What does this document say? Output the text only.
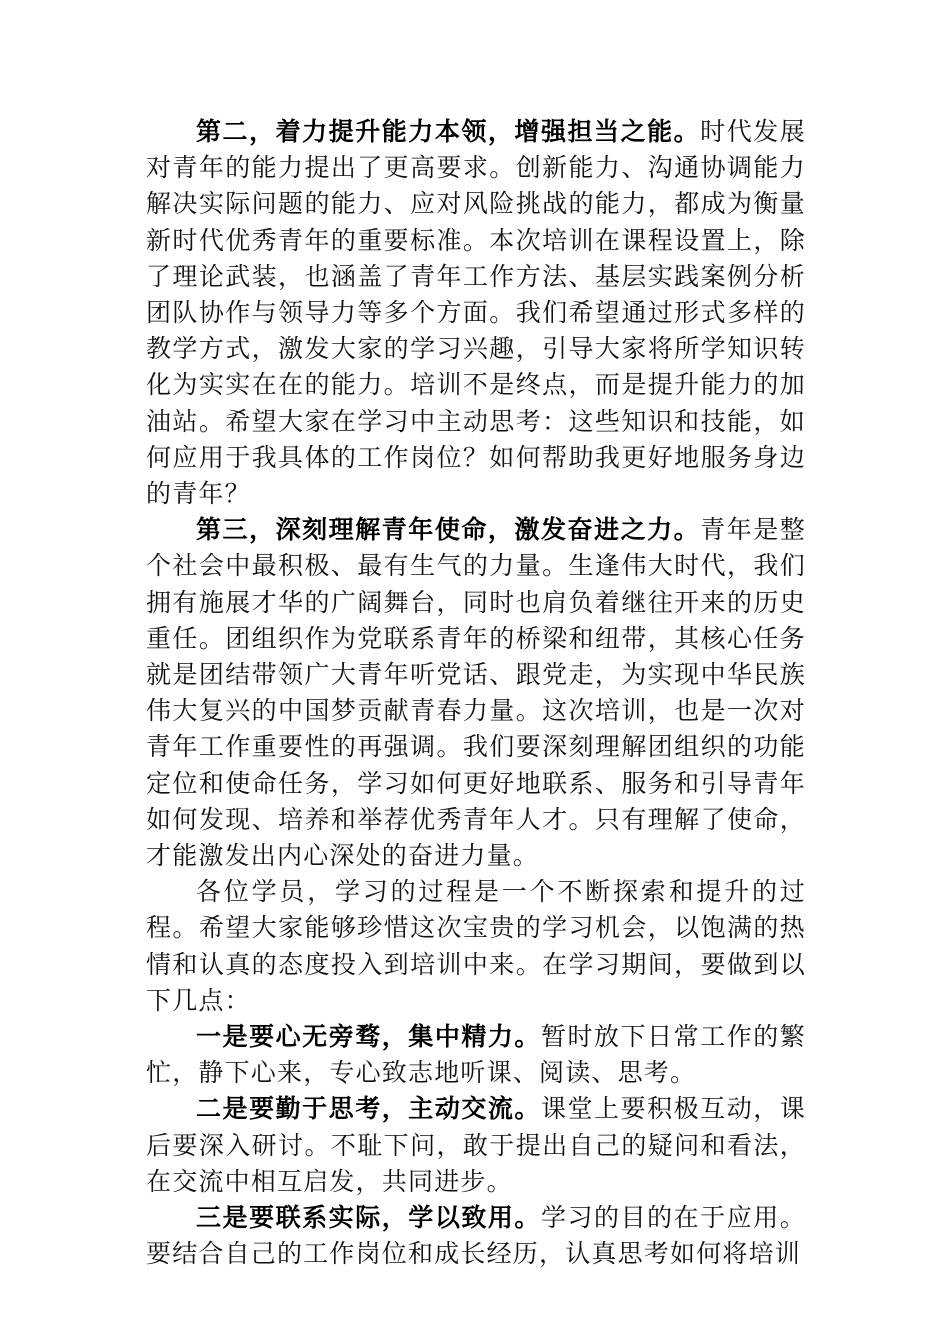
第二，着力提升能力本领，增强担当之能。时代发展对青年的能力提出了更高要求。创新能力、沟通协调能力解决实际问题的能力、应对风险挑战的能力，都成为衡量新时代优秀青年的重要标准。本次培训在课程设置上，除了理论武装，也涵盖了青年工作方法、基层实践案例分析团队协作与领导力等多个方面。我们希望通过形式多样的教学方式，激发大家的学习兴趣，引导大家将所学知识转化为实实在在的能力。培训不是终点，而是提升能力的加油站。希望大家在学习中主动思考：这些知识和技能，如何应用于我具体的工作岗位？如何帮助我更好地服务身边的青年？

第三，深刻理解青年使命，激发奋进之力。青年是整个社会中最积极、最有生气的力量。生逢伟大时代，我们拥有施展才华的广阔舞台，同时也肩负着继往开来的历史重任。团组织作为党联系青年的桥梁和纽带，其核心任务就是团结带领广大青年听党话、跟党走，为实现中华民族伟大复兴的中国梦贡献青春力量。这次培训，也是一次对青年工作重要性的再强调。我们要深刻理解团组织的功能定位和使命任务，学习如何更好地联系、服务和引导青年如何发现、培养和举荐优秀青年人才。只有理解了使命，才能激发出内心深处的奋进力量。

各位学员，学习的过程是一个不断探索和提升的过程。希望大家能够珍惜这次宝贵的学习机会，以饱满的热情和认真的态度投入到培训中来。在学习期间，要做到以下几点：

一是要心无旁骛，集中精力。暂时放下日常工作的繁忙，静下心来，专心致志地听课、阅读、思考。

二是要勤于思考，主动交流。课堂上要积极互动，课后要深入研讨。不耻下问，敢于提出自己的疑问和看法，在交流中相互启发，共同进步。

三是要联系实际，学以致用。学习的目的在于应用。要结合自己的工作岗位和成长经历，认真思考如何将培训
